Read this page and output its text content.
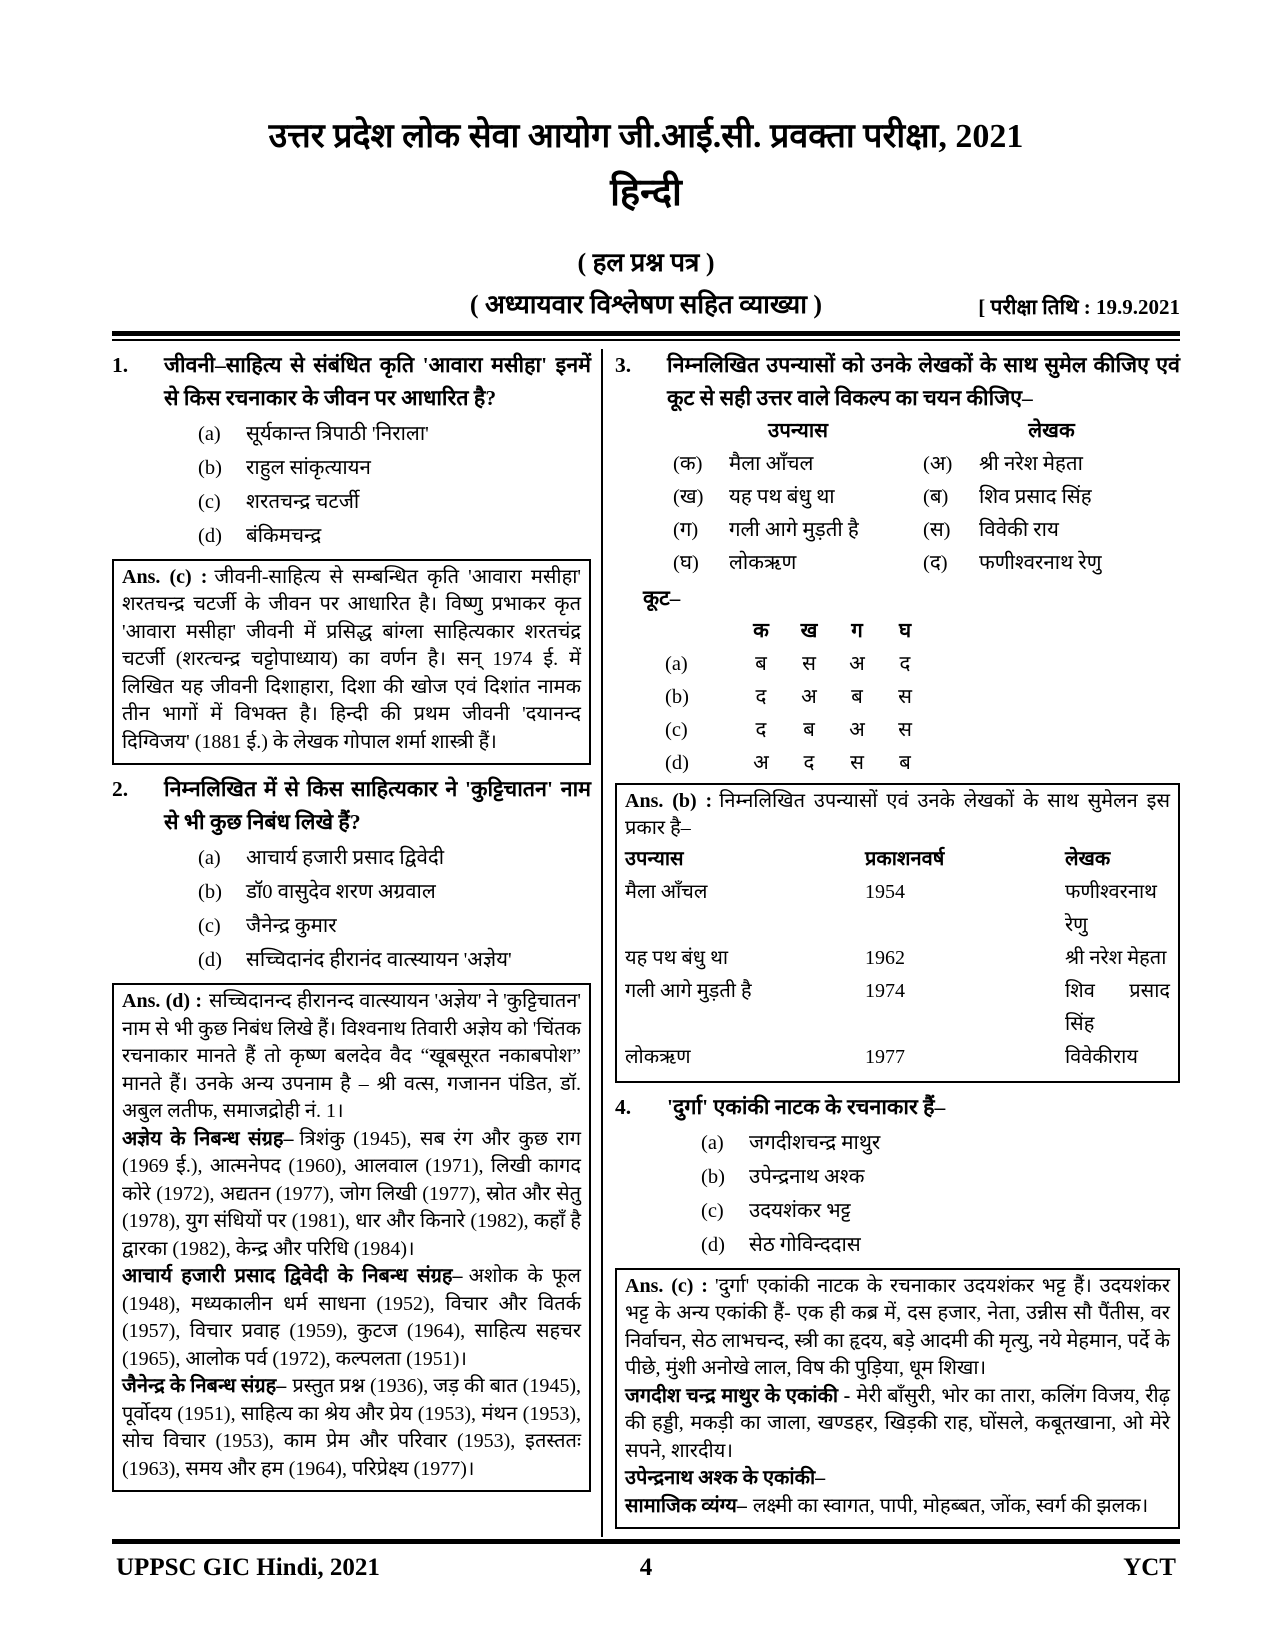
उत्तर प्रदेश लोक सेवा आयोग जी.आई.सी. प्रवक्ता परीक्षा, 2021
हिन्दी
( हल प्रश्न पत्र )
( अध्यायवार विश्लेषण सहित व्याख्या )	[ परीक्षा तिथि : 19.9.2021
1.	जीवनी–साहित्य से संबंधित कृति 'आवारा मसीहा' इनमें से किस रचनाकार के जीवन पर आधारित है?
(a)	सूर्यकान्त त्रिपाठी 'निराला'
(b)	राहुल सांकृत्यायन
(c)	शरतचन्द्र चटर्जी
(d)	बंकिमचन्द्र

Ans. (c) : जीवनी-साहित्य से सम्बन्धित कृति 'आवारा मसीहा' शरतचन्द्र चटर्जी के जीवन पर आधारित है। विष्णु प्रभाकर कृत 'आवारा मसीहा' जीवनी में प्रसिद्ध बांग्ला साहित्यकार शरतचंद्र चटर्जी (शरत्चन्द्र चट्टोपाध्याय) का वर्णन है। सन् 1974 ई. में लिखित यह जीवनी दिशाहारा, दिशा की खोज एवं दिशांत नामक तीन भागों में विभक्त है। हिन्दी की प्रथम जीवनी 'दयानन्द दिग्विजय' (1881 ई.) के लेखक गोपाल शर्मा शास्त्री हैं।

2.	निम्नलिखित में से किस साहित्यकार ने 'कुट्टिचातन' नाम से भी कुछ निबंध लिखे हैं?
(a)	आचार्य हजारी प्रसाद द्विवेदी
(b)	डॉ0 वासुदेव शरण अग्रवाल
(c)	जैनेन्द्र कुमार
(d)	सच्चिदानंद हीरानंद वात्स्यायन 'अज्ञेय'

Ans. (d) : सच्चिदानन्द हीरानन्द वात्स्यायन 'अज्ञेय' ने 'कुट्टिचातन' नाम से भी कुछ निबंध लिखे हैं। विश्वनाथ तिवारी अज्ञेय को 'चिंतक रचनाकार मानते हैं तो कृष्ण बलदेव वैद “खूबसूरत नकाबपोश” मानते हैं। उनके अन्य उपनाम है – श्री वत्स, गजानन पंडित, डॉ. अबुल लतीफ, समाजद्रोही नं. 1।

अज्ञेय के निबन्ध संग्रह– त्रिशंकु (1945), सब रंग और कुछ राग (1969 ई.), आत्मनेपद (1960), आलवाल (1971), लिखी कागद कोरे (1972), अद्यतन (1977), जोग लिखी (1977), स्रोत और सेतु (1978), युग संधियों पर (1981), धार और किनारे (1982), कहाँ है द्वारका (1982), केन्द्र और परिधि (1984)।

आचार्य हजारी प्रसाद द्विवेदी के निबन्ध संग्रह– अशोक के फूल (1948), मध्यकालीन धर्म साधना (1952), विचार और वितर्क (1957), विचार प्रवाह (1959), कुटज (1964), साहित्य सहचर (1965), आलोक पर्व (1972), कल्पलता (1951)।

जैनेन्द्र के निबन्ध संग्रह– प्रस्तुत प्रश्न (1936), जड़ की बात (1945), पूर्वोदय (1951), साहित्य का श्रेय और प्रेय (1953), मंथन (1953), सोच विचार (1953), काम प्रेम और परिवार (1953), इतस्ततः (1963), समय और हम (1964), परिप्रेक्ष्य (1977)।

3.	निम्नलिखित उपन्यासों को उनके लेखकों के साथ सुमेल कीजिए एवं कूट से सही उत्तर वाले विकल्प का चयन कीजिए–
उपन्यास	लेखक
(क)	मैला आँचल	(अ)	श्री नरेश मेहता
(ख)	यह पथ बंधु था	(ब)	शिव प्रसाद सिंह
(ग)	गली आगे मुड़ती है	(स)	विवेकी राय
(घ)	लोकऋण	(द)	फणीश्वरनाथ रेणु
कूट–
क	ख	ग	घ
(a)	ब	स	अ	द
(b)	द	अ	ब	स
(c)	द	ब	अ	स
(d)	अ	द	स	ब

Ans. (b) : निम्नलिखित उपन्यासों एवं उनके लेखकों के साथ सुमेलन इस प्रकार है–

उपन्यास	प्रकाशनवर्ष	लेखक
मैला आँचल	1954	फणीश्वरनाथ रेणु
यह पथ बंधु था	1962	श्री नरेश मेहता
गली आगे मुड़ती है	1974	शिव प्रसाद सिंह
लोकऋण	1977	विवेकीराय
4.	'दुर्गा' एकांकी नाटक के रचनाकार हैं–
(a)	जगदीशचन्द्र माथुर
(b)	उपेन्द्रनाथ अश्क
(c)	उदयशंकर भट्ट
(d)	सेठ गोविन्ददास

Ans. (c) : 'दुर्गा' एकांकी नाटक के रचनाकार उदयशंकर भट्ट हैं। उदयशंकर भट्ट के अन्य एकांकी हैं- एक ही कब्र में, दस हजार, नेता, उन्नीस सौ पैंतीस, वर निर्वाचन, सेठ लाभचन्द, स्त्री का हृदय, बड़े आदमी की मृत्यु, नये मेहमान, पर्दे के पीछे, मुंशी अनोखे लाल, विष की पुड़िया, धूम शिखा।

जगदीश चन्द्र माथुर के एकांकी - मेरी बाँसुरी, भोर का तारा, कलिंग विजय, रीढ़ की हड्डी, मकड़ी का जाला, खण्डहर, खिड़की राह, घोंसले, कबूतखाना, ओ मेरे सपने, शारदीय।

उपेन्द्रनाथ अश्क के एकांकी–

सामाजिक व्यंग्य– लक्ष्मी का स्वागत, पापी, मोहब्बत, जोंक, स्वर्ग की झलक।

UPPSC GIC Hindi, 2021	4	YCT
